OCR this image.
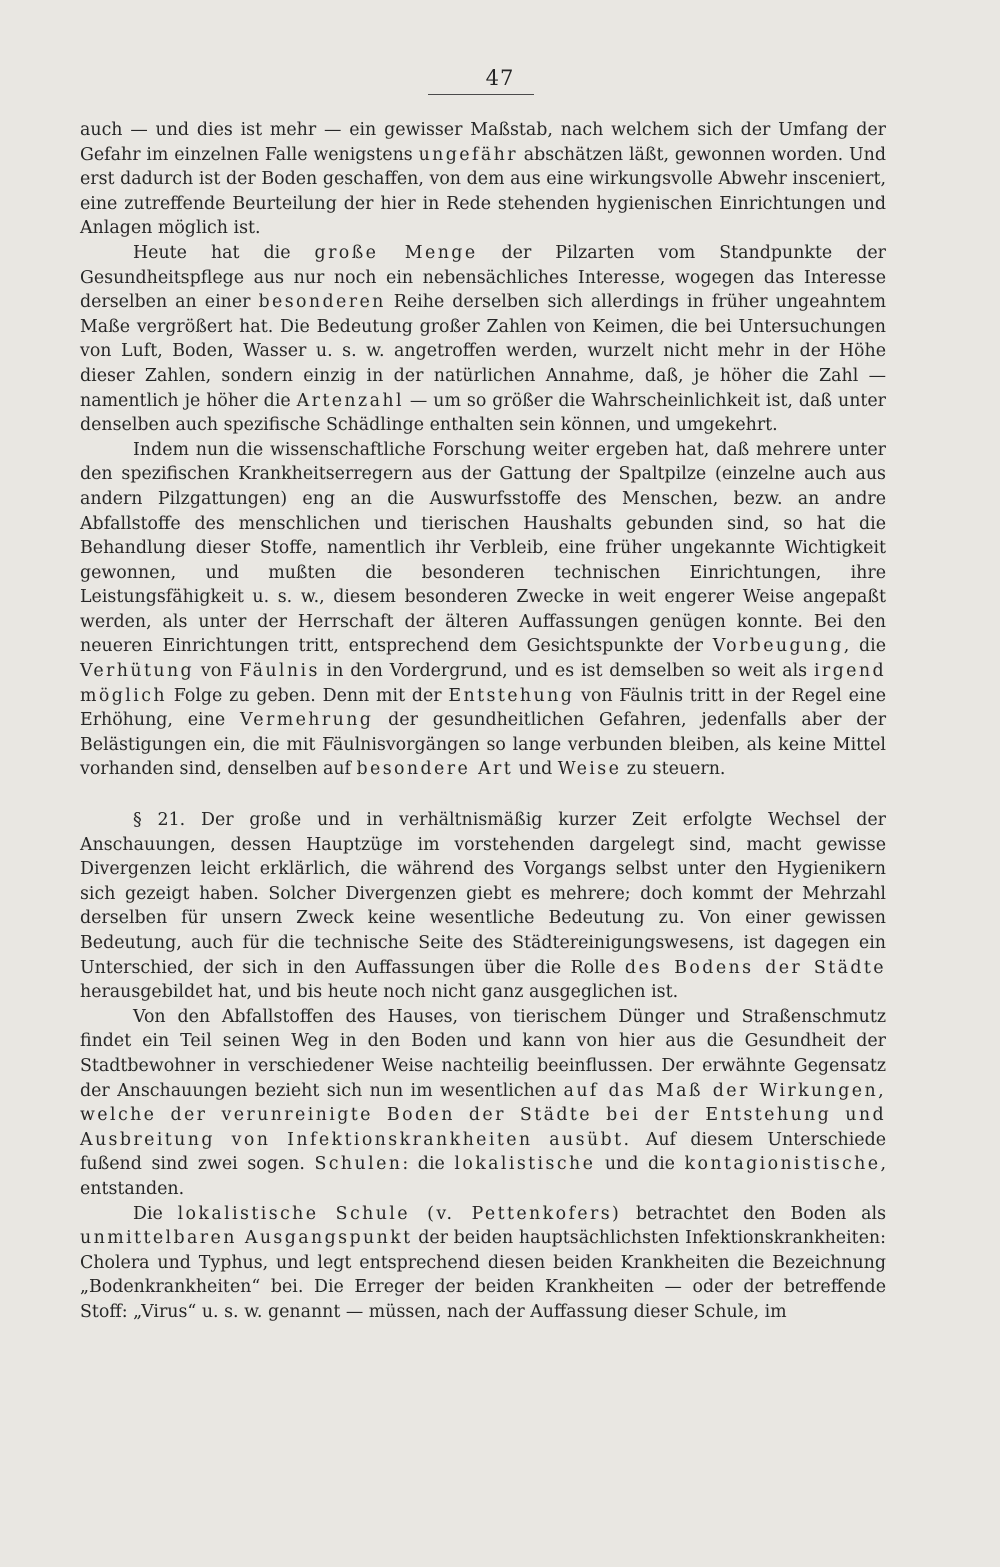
47

auch — und dies ist mehr — ein gewisser Maßstab, nach welchem sich der Umfang der Gefahr im einzelnen Falle wenigstens ungefähr abschätzen läßt, gewonnen worden. Und erst dadurch ist der Boden geschaffen, von dem aus eine wirkungsvolle Abwehr insceniert, eine zutreffende Beurteilung der hier in Rede stehenden hygienischen Einrichtungen und Anlagen möglich ist.

Heute hat die große Menge der Pilzarten vom Standpunkte der Gesundheitspflege aus nur noch ein nebensächliches Interesse, wogegen das Interesse derselben an einer besonderen Reihe derselben sich allerdings in früher ungeahntem Maße vergrößert hat. Die Bedeutung großer Zahlen von Keimen, die bei Untersuchungen von Luft, Boden, Wasser u. s. w. angetroffen werden, wurzelt nicht mehr in der Höhe dieser Zahlen, sondern einzig in der natürlichen Annahme, daß, je höher die Zahl — namentlich je höher die Artenzahl — um so größer die Wahrscheinlichkeit ist, daß unter denselben auch spezifische Schädlinge enthalten sein können, und umgekehrt.

Indem nun die wissenschaftliche Forschung weiter ergeben hat, daß mehrere unter den spezifischen Krankheitserregern aus der Gattung der Spaltpilze (einzelne auch aus andern Pilzgattungen) eng an die Auswurfsstoffe des Menschen, bezw. an andre Abfallstoffe des menschlichen und tierischen Haushalts gebunden sind, so hat die Behandlung dieser Stoffe, namentlich ihr Verbleib, eine früher ungekannte Wichtigkeit gewonnen, und mußten die besonderen technischen Einrichtungen, ihre Leistungsfähigkeit u. s. w., diesem besonderen Zwecke in weit engerer Weise angepaßt werden, als unter der Herrschaft der älteren Auffassungen genügen konnte. Bei den neueren Einrichtungen tritt, entsprechend dem Gesichtspunkte der Vorbeugung, die Verhütung von Fäulnis in den Vordergrund, und es ist demselben so weit als irgend möglich Folge zu geben. Denn mit der Entstehung von Fäulnis tritt in der Regel eine Erhöhung, eine Vermehrung der gesundheitlichen Gefahren, jedenfalls aber der Belästigungen ein, die mit Fäulnisvorgängen so lange verbunden bleiben, als keine Mittel vorhanden sind, denselben auf besondere Art und Weise zu steuern.

§ 21. Der große und in verhältnismäßig kurzer Zeit erfolgte Wechsel der Anschauungen, dessen Hauptzüge im vorstehenden dargelegt sind, macht gewisse Divergenzen leicht erklärlich, die während des Vorgangs selbst unter den Hygienikern sich gezeigt haben. Solcher Divergenzen giebt es mehrere; doch kommt der Mehrzahl derselben für unsern Zweck keine wesentliche Bedeutung zu. Von einer gewissen Bedeutung, auch für die technische Seite des Städtereinigungswesens, ist dagegen ein Unterschied, der sich in den Auffassungen über die Rolle des Bodens der Städte herausgebildet hat, und bis heute noch nicht ganz ausgeglichen ist.

Von den Abfallstoffen des Hauses, von tierischem Dünger und Straßenschmutz findet ein Teil seinen Weg in den Boden und kann von hier aus die Gesundheit der Stadtbewohner in verschiedener Weise nachteilig beeinflussen. Der erwähnte Gegensatz der Anschauungen bezieht sich nun im wesentlichen auf das Maß der Wirkungen, welche der verunreinigte Boden der Städte bei der Entstehung und Ausbreitung von Infektionskrankheiten ausübt. Auf diesem Unterschiede fußend sind zwei sogen. Schulen: die lokalistische und die kontagionistische, entstanden.

Die lokalistische Schule (v. Pettenkofers) betrachtet den Boden als unmittelbaren Ausgangspunkt der beiden hauptsächlichsten Infektionskrankheiten: Cholera und Typhus, und legt entsprechend diesen beiden Krankheiten die Bezeichnung „Bodenkrankheiten“ bei. Die Erreger der beiden Krankheiten — oder der betreffende Stoff: „Virus“ u. s. w. genannt — müssen, nach der Auffassung dieser Schule, im
